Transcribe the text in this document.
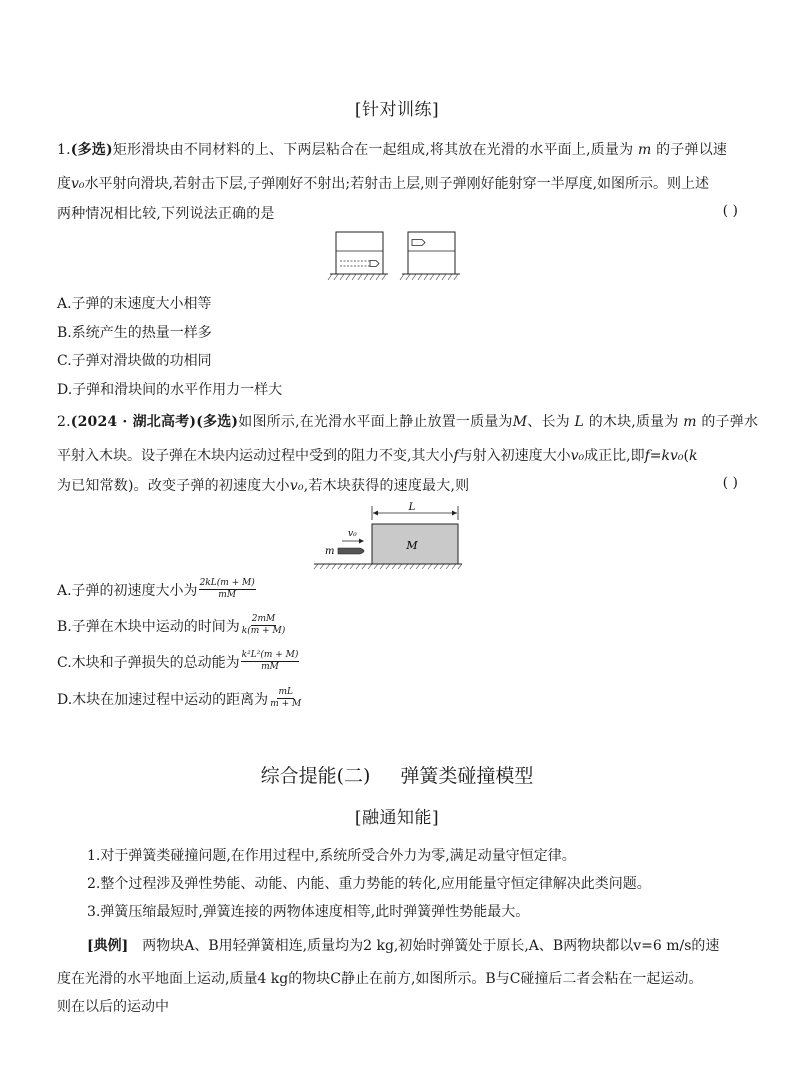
[针对训练]
1.(多选)矩形滑块由不同材料的上、下两层粘合在一起组成,将其放在光滑的水平面上,质量为 m 的子弹以速
度v₀水平射向滑块,若射击下层,子弹刚好不射出;若射击上层,则子弹刚好能射穿一半厚度,如图所示。则上述
两种情况相比较,下列说法正确的是	( )
A.子弹的末速度大小相等
B.系统产生的热量一样多
C.子弹对滑块做的功相同
D.子弹和滑块间的水平作用力一样大
2.(2024 · 湖北高考)(多选)如图所示,在光滑水平面上静止放置一质量为M、长为 L 的木块,质量为 m 的子弹水
平射入木块。设子弹在木块内运动过程中受到的阻力不变,其大小f与射入初速度大小v₀成正比,即f=kv₀(k
为已知常数)。改变子弹的初速度大小v₀,若木块获得的速度最大,则	( )
L
M
v₀
m
A.子弹的初速度大小为 $\frac{2kL(m + M)}{mM}$
B.子弹在木块中运动的时间为 $\frac{2mM}{k(m + M)}$
C.木块和子弹损失的总动能为 $\frac{\text{k²L²(m + M)}}{mM}$
D.木块在加速过程中运动的距离为 $\frac{mL}{m + M}$
综合提能(二) 弹簧类碰撞模型
[融通知能]
1.对于弹簧类碰撞问题,在作用过程中,系统所受合外力为零,满足动量守恒定律。
2.整个过程涉及弹性势能、动能、内能、重力势能的转化,应用能量守恒定律解决此类问题。
3.弹簧压缩最短时,弹簧连接的两物体速度相等,此时弹簧弹性势能最大。
[典例] 两物块A、B用轻弹簧相连,质量均为2 kg,初始时弹簧处于原长,A、B两物块都以v=6 m/s的速
度在光滑的水平地面上运动,质量4 kg的物块C静止在前方,如图所示。B与C碰撞后二者会粘在一起运动。
则在以后的运动中
